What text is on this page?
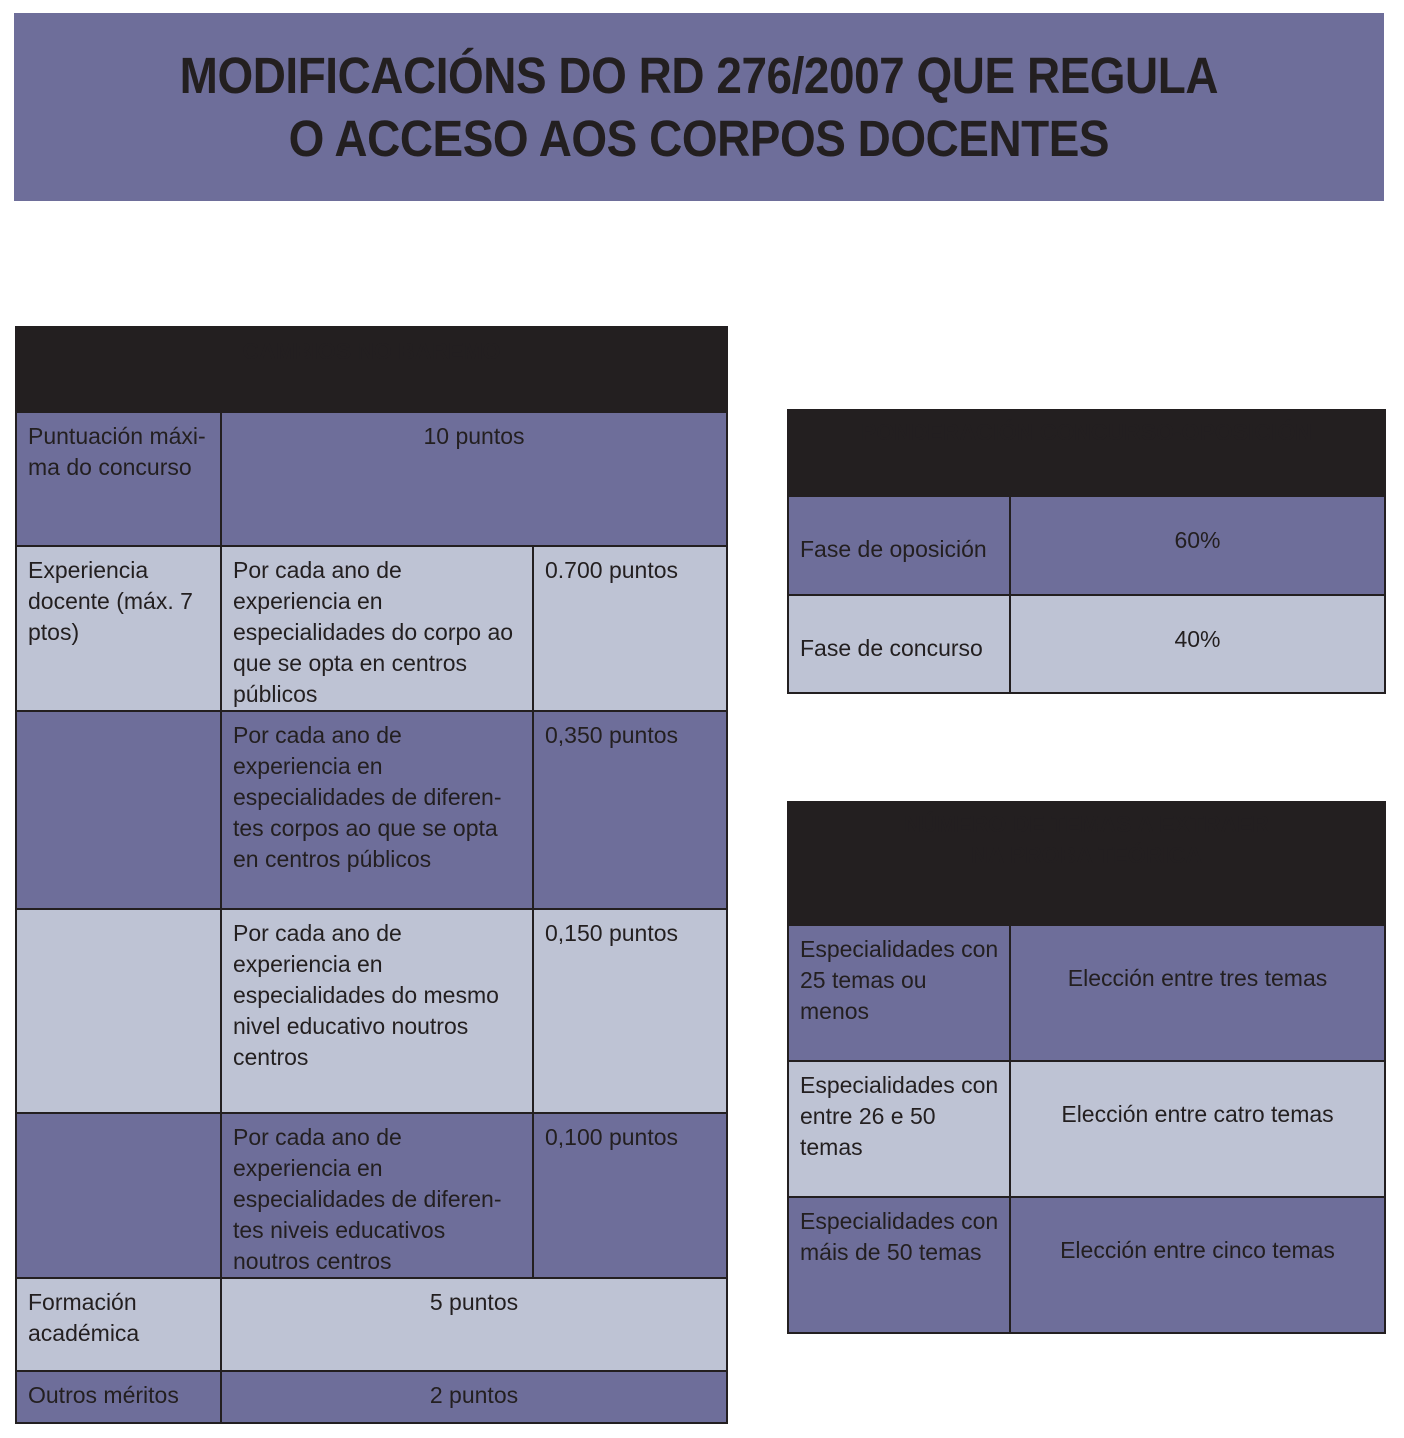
MODIFICACIÓNS DO RD 276/2007 QUE REGULA
O ACCESO AOS CORPOS DOCENTES
CAMBIOS NO BAREMO		
Puntuación máxima do concurso	10 puntos	
Experiencia docente (máx. 7 ptos)	Por cada ano de experiencia en especialidades do corpo ao que se opta en centros públicos	0.700 puntos
	Por cada ano de experiencia en especialidades de diferentes corpos ao que se opta en centros públicos	0,350 puntos
	Por cada ano de experiencia en especialidades do mesmo nivel educativo noutros centros	0,150 puntos
	Por cada ano de experiencia en especialidades de diferentes niveis educativos noutros centros	0,100 puntos
Formación académica	5 puntos	
Outros méritos	2 puntos	
PONDERACIÓN CONCURSO-OPOSICIÓN	
Fase de oposición	60%
Fase de concurso	40%
NÚMERO DE TEMAS A EXTRAER
NA PROBA TEÓRICA	

Especialidades con 25 temas ou menos	Elección entre tres temas
Especialidades con entre 26 e 50 temas	Elección entre catro temas
Especialidades con máis de 50 temas	Elección entre cinco temas
